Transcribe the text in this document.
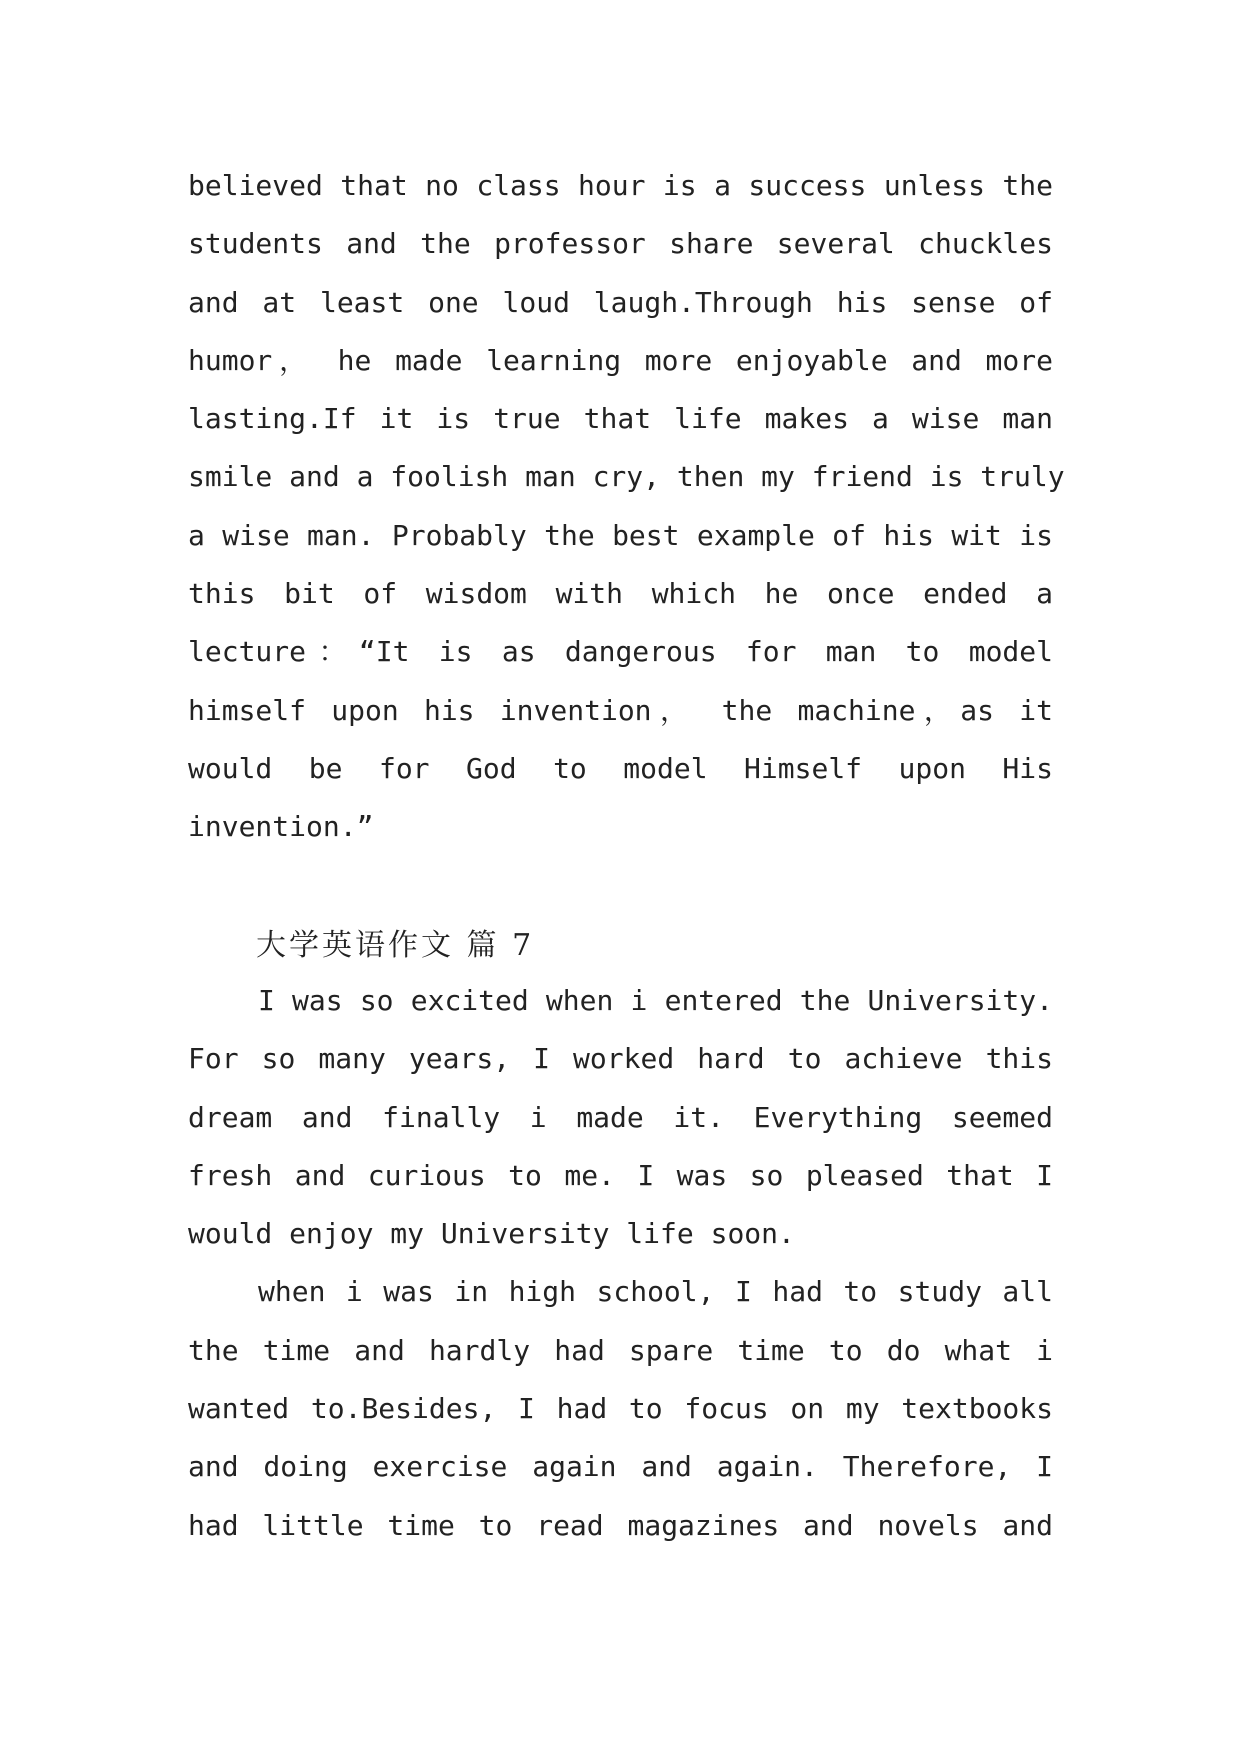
believed that no class hour is a success unless the
students and the professor share several chuckles
and at least one loud laugh.Through his sense of
humor， he made learning more enjoyable and more
lasting.If it is true that life makes a wise man
smile and a foolish man cry, then my friend is truly
a wise man. Probably the best example of his wit is
this bit of wisdom with which he once ended a
lecture：“It is as dangerous for man to model
himself upon his invention， the machine，as it
would be for God to model Himself upon His
invention.”
大学英语作文 篇 7
I was so excited when i entered the University.
For so many years, I worked hard to achieve this
dream and finally i made it. Everything seemed
fresh and curious to me. I was so pleased that I
would enjoy my University life soon.
when i was in high school, I had to study all
the time and hardly had spare time to do what i
wanted to.Besides, I had to focus on my textbooks
and doing exercise again and again. Therefore, I
had little time to read magazines and novels and
